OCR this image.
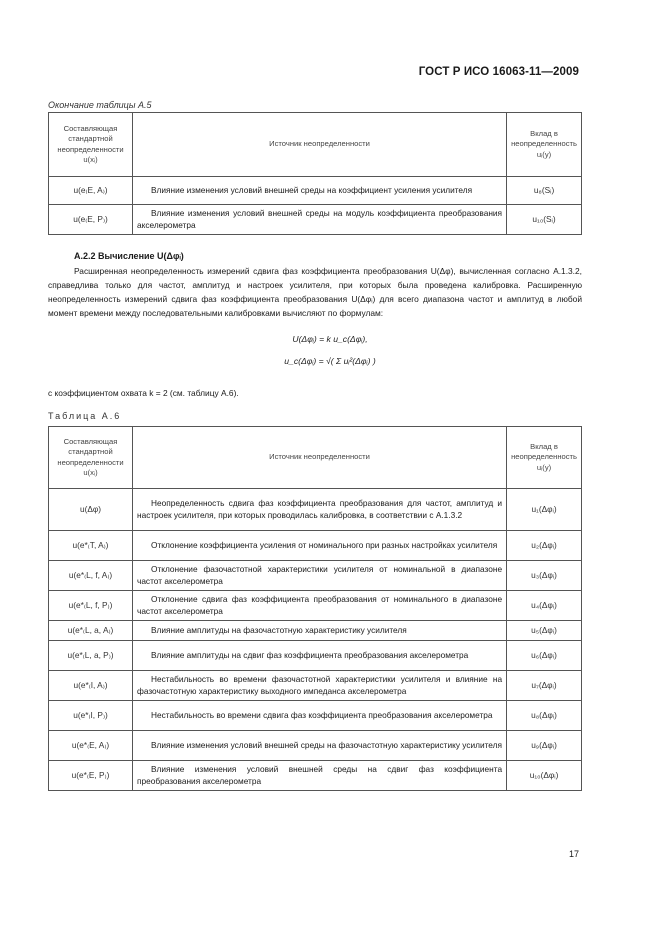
ГОСТ Р ИСО 16063-11—2009
Окончание таблицы А.5
Составляющая стандартной неопределенности u(xᵢ)	Источник неопределенности	Вклад в неопределенность uᵢ(y)
u(e₍E, A₎)	Влияние изменения условий внешней среды на коэффициент усиления усилителя	u₈(Sᵢ)
u(e₍E, P₎)	Влияние изменения условий внешней среды на модуль коэффициента преобразования акселерометра	u₁₀(Sᵢ)
А.2.2 Вычисление U(Δφᵢ)
Расширенная неопределенность измерений сдвига фаз коэффициента преобразования U(Δφ), вычисленная согласно А.1.3.2, справедлива только для частот, амплитуд и настроек усилителя, при которых была проведена калибровка. Расширенную неопределенность измерений сдвига фаз коэффициента преобразования U(Δφᵢ) для всего диапазона частот и амплитуд в любой момент времени между последовательными калибровками вычисляют по формулам:
U(Δφᵢ) = k u_c(Δφᵢ),
u_c(Δφᵢ) = √( Σ uᵢ²(Δφᵢ) )
с коэффициентом охвата k = 2 (см. таблицу А.6).
Таблица А.6
Составляющая стандартной неопределенности u(xᵢ)	Источник неопределенности	Вклад в неопределенность uᵢ(y)
u(Δφ)	Неопределенность сдвига фаз коэффициента преобразования для частот, амплитуд и настроек усилителя, при которых проводилась калибровка, в соответствии с А.1.3.2	u₁(Δφᵢ)
u(e*₍T, A₎)	Отклонение коэффициента усиления от номинального при разных настройках усилителя	u₂(Δφᵢ)
u(e*₍L, f, A₎)	Отклонение фазочастотной характеристики усилителя от номинальной в диапазоне частот акселерометра	u₃(Δφᵢ)
u(e*₍L, f, P₎)	Отклонение сдвига фаз коэффициента преобразования от номинального в диапазоне частот акселерометра	u₄(Δφᵢ)
u(e*₍L, a, A₎)	Влияние амплитуды на фазочастотную характеристику усилителя	u₅(Δφᵢ)
u(e*₍L, a, P₎)	Влияние амплитуды на сдвиг фаз коэффициента преобразования акселерометра	u₆(Δφᵢ)
u(e*₍I, A₎)	Нестабильность во времени фазочастотной характеристики усилителя и влияние на фазочастотную характеристику выходного импеданса акселерометра	u₇(Δφᵢ)
u(e*₍I, P₎)	Нестабильность во времени сдвига фаз коэффициента преобразования акселерометра	u₈(Δφᵢ)
u(e*₍E, A₎)	Влияние изменения условий внешней среды на фазочастотную характеристику усилителя	u₉(Δφᵢ)
u(e*₍E, P₎)	Влияние изменения условий внешней среды на сдвиг фаз коэффициента преобразования акселерометра	u₁₀(Δφᵢ)
17
